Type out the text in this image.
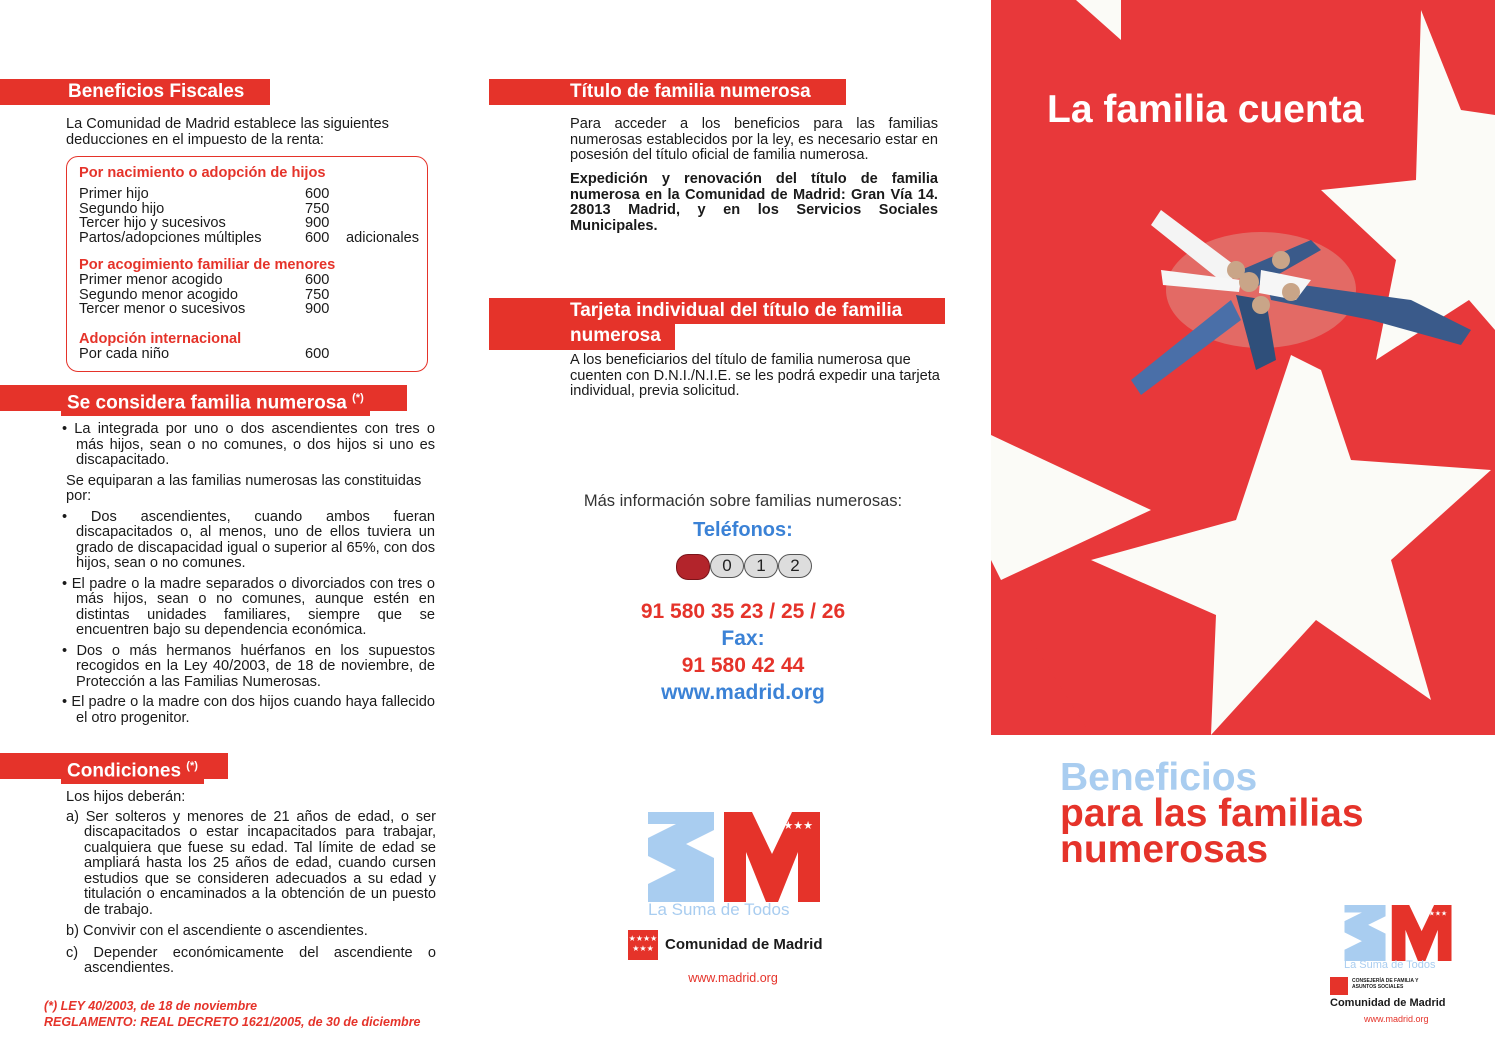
Beneficios Fiscales
La Comunidad de Madrid establece las siguientes deducciones en el impuesto de la renta:
Por nacimiento o adopción de hijos
Primer hijo	600
Segundo hijo	750
Tercer hijo y sucesivos	900
Partos/adopciones múltiples	600	adicionales
Por acogimiento familiar de menores
Primer menor acogido	600
Segundo menor acogido	750
Tercer menor o sucesivos	900
Adopción internacional
Por cada niño	600
Se considera familia numerosa (*)
• La integrada por uno o dos ascendientes con tres o más hijos, sean o no comunes, o dos hijos si uno es discapacitado.
Se equiparan a las familias numerosas las constituidas por:
• Dos ascendientes, cuando ambos fueran discapacitados o, al menos, uno de ellos tuviera un grado de discapacidad igual o superior al 65%, con dos hijos, sean o no comunes.
• El padre o la madre separados o divorciados con tres o más hijos, sean o no comunes, aunque estén en distintas unidades familiares, siempre que se encuentren bajo su dependencia económica.
• Dos o más hermanos huérfanos en los supuestos recogidos en la Ley 40/2003, de 18 de noviembre, de Protección a las Familias Numerosas.
• El padre o la madre con dos hijos cuando haya fallecido el otro progenitor.
Condiciones (*)
Los hijos deberán:
a) Ser solteros y menores de 21 años de edad, o ser discapacitados o estar incapacitados para trabajar, cualquiera que fuese su edad. Tal límite de edad se ampliará hasta los 25 años de edad, cuando cursen estudios que se consideren adecuados a su edad y titulación o encaminados a la obtención de un puesto de trabajo.
b) Convivir con el ascendiente o ascendientes.
c) Depender económicamente del ascendiente o ascendientes.
(*) LEY 40/2003, de 18 de noviembre
REGLAMENTO: REAL DECRETO 1621/2005, de 30 de diciembre
Título de familia numerosa
Para acceder a los beneficios para las familias numerosas establecidos por la ley, es necesario estar en posesión del título oficial de familia numerosa.
Expedición y renovación del título de familia numerosa en la Comunidad de Madrid: Gran Vía 14. 28013 Madrid, y en los Servicios Sociales Municipales.
Tarjeta individual del título de familia
numerosa
A los beneficiarios del título de familia numerosa que cuenten con D.N.I./N.I.E. se les podrá expedir una tarjeta individual, previa solicitud.
Más información sobre familias numerosas:
Teléfonos:
0	1	2
91 580 35 23 / 25 / 26
Fax:
91 580 42 44
www.madrid.org
★★★★
La Suma de Todos
★★★★
★★★ Comunidad de Madrid
www.madrid.org
La familia cuenta
Beneficios
para las familias
numerosas
★★★★
La Suma de Todos
CONSEJERÍA DE FAMILIA Y ASUNTOS SOCIALES
Comunidad de Madrid
www.madrid.org
